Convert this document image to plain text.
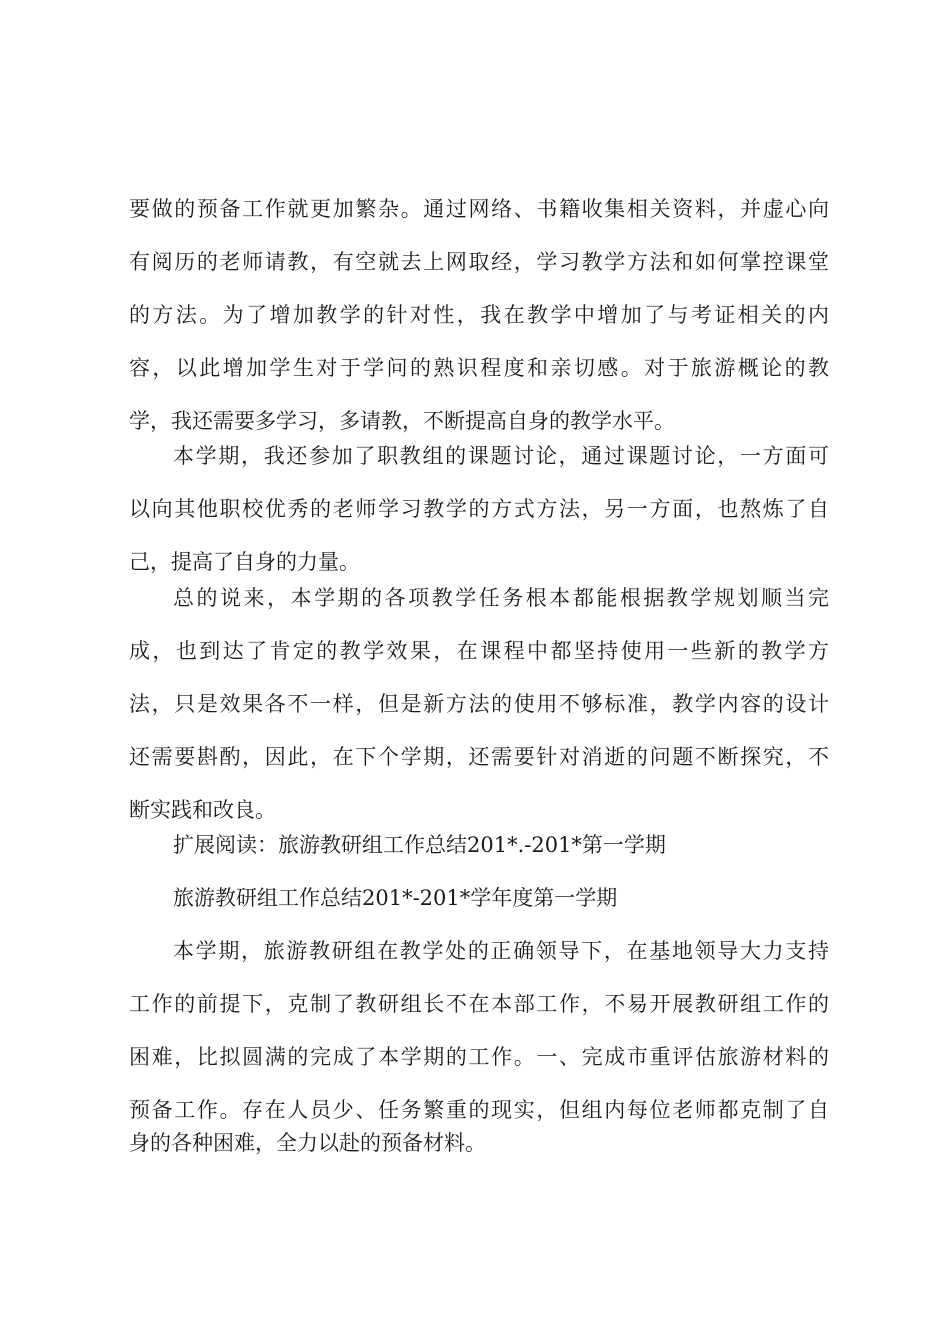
要做的预备工作就更加繁杂。通过网络、书籍收集相关资料，并虚心向
有阅历的老师请教，有空就去上网取经，学习教学方法和如何掌控课堂
的方法。为了增加教学的针对性，我在教学中增加了与考证相关的内
容，以此增加学生对于学问的熟识程度和亲切感。对于旅游概论的教
学，我还需要多学习，多请教，不断提高自身的教学水平。
本学期，我还参加了职教组的课题讨论，通过课题讨论，一方面可
以向其他职校优秀的老师学习教学的方式方法，另一方面，也熬炼了自
己，提高了自身的力量。
总的说来，本学期的各项教学任务根本都能根据教学规划顺当完
成，也到达了肯定的教学效果，在课程中都坚持使用一些新的教学方
法，只是效果各不一样，但是新方法的使用不够标准，教学内容的设计
还需要斟酌，因此，在下个学期，还需要针对消逝的问题不断探究，不
断实践和改良。
扩展阅读：旅游教研组工作总结201*.-201*第一学期
旅游教研组工作总结201*-201*学年度第一学期
本学期，旅游教研组在教学处的正确领导下，在基地领导大力支持
工作的前提下，克制了教研组长不在本部工作，不易开展教研组工作的
困难，比拟圆满的完成了本学期的工作。一、完成市重评估旅游材料的
预备工作。存在人员少、任务繁重的现实，但组内每位老师都克制了自
身的各种困难，全力以赴的预备材料。
